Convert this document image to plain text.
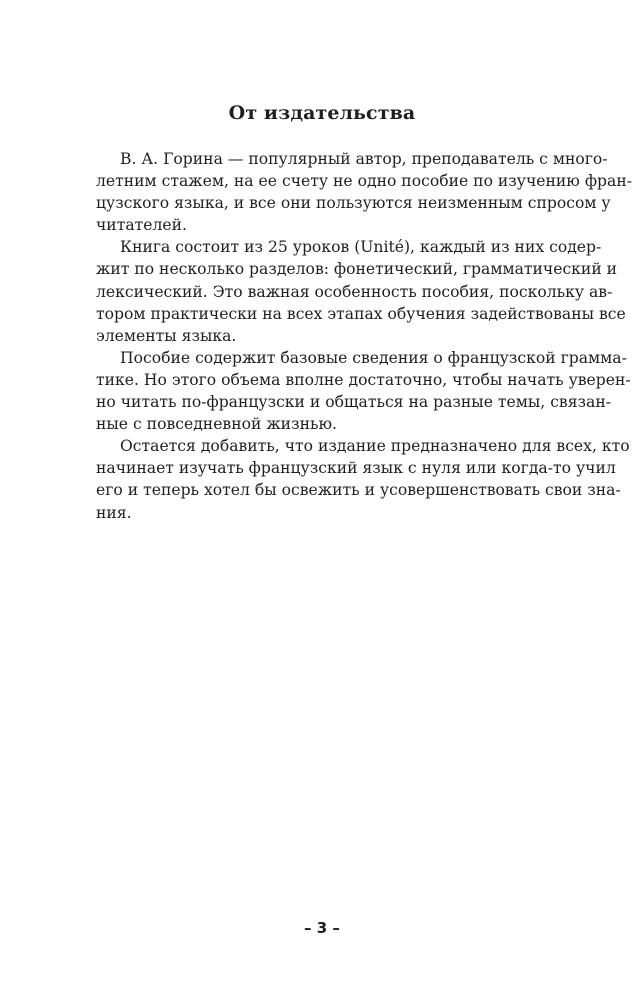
От издательства

В. А. Горина — популярный автор, преподаватель с много-
летним стажем, на ее счету не одно пособие по изучению фран-
цузского языка, и все они пользуются неизменным спросом у
читателей.

Книга состоит из 25 уроков (Unité), каждый из них содер-
жит по несколько разделов: фонетический, грамматический и
лексический. Это важная особенность пособия, поскольку ав-
тором практически на всех этапах обучения задействованы все
элементы языка.

Пособие содержит базовые сведения о французской грамма-
тике. Но этого объема вполне достаточно, чтобы начать уверен-
но читать по-французски и общаться на разные темы, связан-
ные с повседневной жизнью.

Остается добавить, что издание предназначено для всех, кто
начинает изучать французский язык с нуля или когда-то учил
его и теперь хотел бы освежить и усовершенствовать свои зна-
ния.

– 3 –
